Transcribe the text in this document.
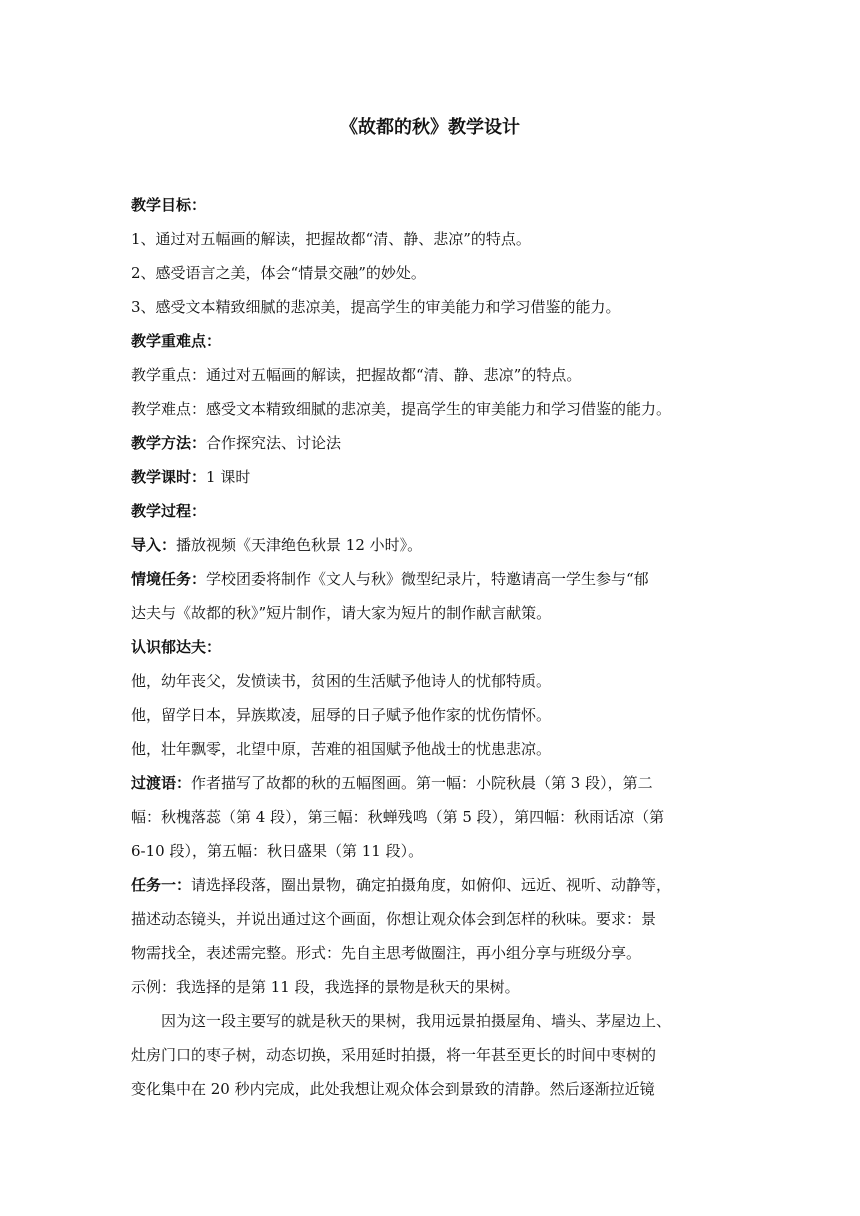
《故都的秋》教学设计
教学目标：
1、通过对五幅画的解读，把握故都“清、静、悲凉”的特点。
2、感受语言之美，体会“情景交融”的妙处。
3、感受文本精致细腻的悲凉美，提高学生的审美能力和学习借鉴的能力。
教学重难点：
教学重点：通过对五幅画的解读，把握故都“清、静、悲凉”的特点。
教学难点：感受文本精致细腻的悲凉美，提高学生的审美能力和学习借鉴的能力。
教学方法：合作探究法、讨论法
教学课时：1 课时
教学过程：
导入：播放视频《天津绝色秋景 12 小时》。
情境任务：学校团委将制作《文人与秋》微型纪录片，特邀请高一学生参与“郁
达夫与《故都的秋》”短片制作，请大家为短片的制作献言献策。
认识郁达夫：
他，幼年丧父，发愤读书，贫困的生活赋予他诗人的忧郁特质。
他，留学日本，异族欺凌，屈辱的日子赋予他作家的忧伤情怀。
他，壮年飘零，北望中原，苦难的祖国赋予他战士的忧患悲凉。
过渡语：作者描写了故都的秋的五幅图画。第一幅：小院秋晨（第 3 段），第二
幅：秋槐落蕊（第 4 段），第三幅：秋蝉残鸣（第 5 段），第四幅：秋雨话凉（第
6-10 段），第五幅：秋日盛果（第 11 段）。
任务一：请选择段落，圈出景物，确定拍摄角度，如俯仰、远近、视听、动静等，
描述动态镜头，并说出通过这个画面，你想让观众体会到怎样的秋味。要求：景
物需找全，表述需完整。形式：先自主思考做圈注，再小组分享与班级分享。
示例：我选择的是第 11 段，我选择的景物是秋天的果树。
因为这一段主要写的就是秋天的果树，我用远景拍摄屋角、墙头、茅屋边上、
灶房门口的枣子树，动态切换，采用延时拍摄，将一年甚至更长的时间中枣树的
变化集中在 20 秒内完成，此处我想让观众体会到景致的清静。然后逐渐拉近镜
